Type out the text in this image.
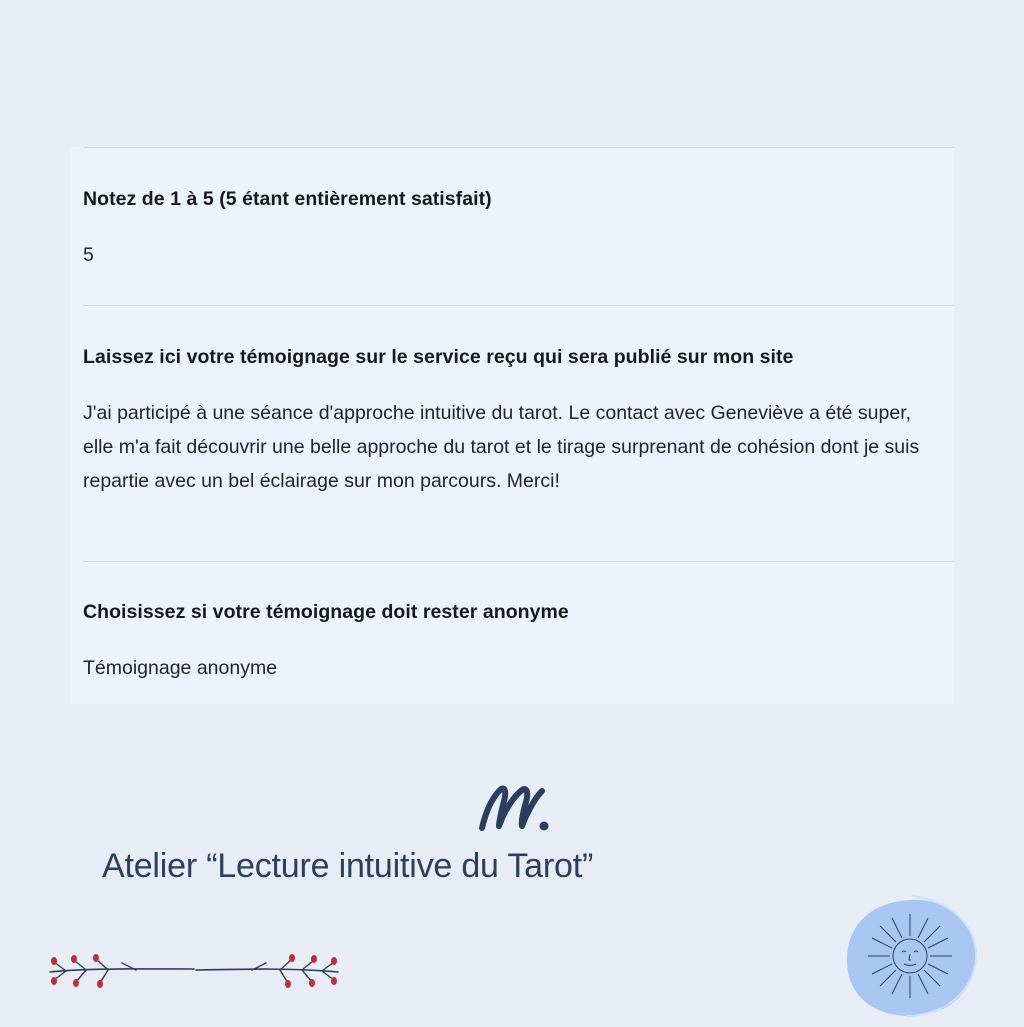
Notez de 1 à 5 (5 étant entièrement satisfait)
5
Laissez ici votre témoignage sur le service reçu qui sera publié sur mon site
J'ai participé à une séance d'approche intuitive du tarot. Le contact avec Geneviève a été super, elle m'a fait découvrir une belle approche du tarot et le tirage surprenant de cohésion dont je suis repartie avec un bel éclairage sur mon parcours. Merci!
Choisissez si votre témoignage doit rester anonyme
Témoignage anonyme
Atelier “Lecture intuitive du Tarot”
